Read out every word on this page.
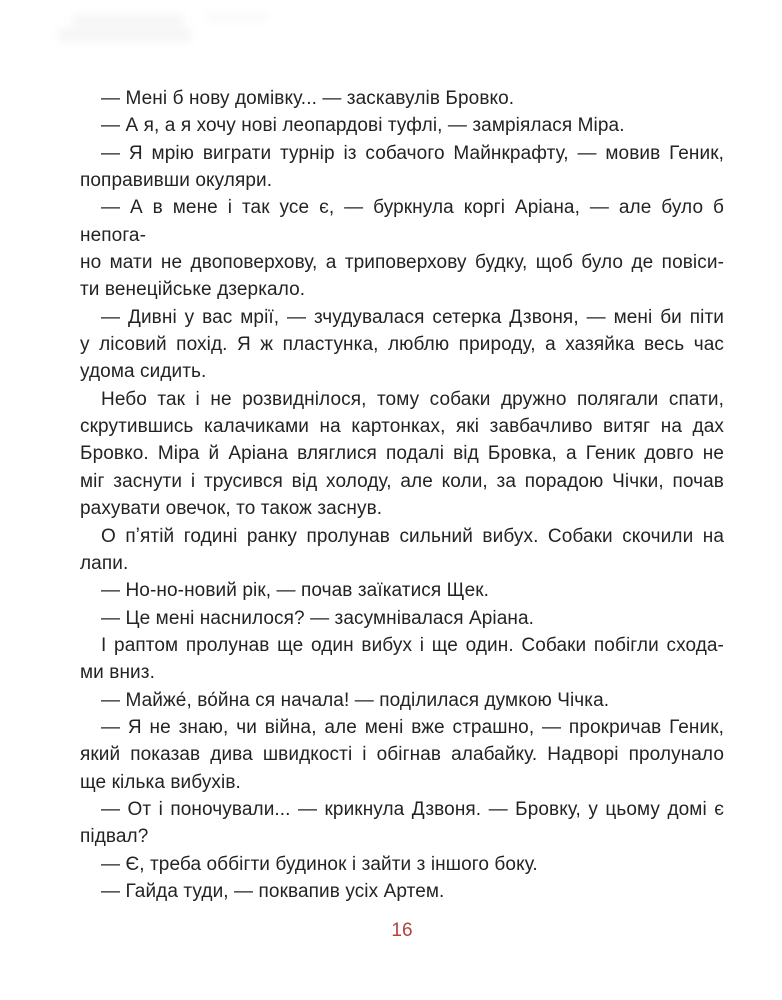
— Мені б нову домівку... — заскавулів Бровко.
— А я, а я хочу нові леопардові туфлі, — замріялася Міра.
— Я мрію виграти турнір із собачого Майнкрафту, — мовив Геник,
поправивши окуляри.
— А в мене і так усе є, — буркнула коргі Аріана, — але було б непога-
но мати не двоповерхову, а триповерхову будку, щоб було де повіси-
ти венеційське дзеркало.
— Дивні у вас мрії, — зчудувалася сетерка Дзвоня, — мені би піти
у лісовий похід. Я ж пластунка, люблю природу, а хазяйка весь час
удома сидить.
Небо так і не розвиднілося, тому собаки дружно полягали спати,
скрутившись калачиками на картонках, які завбачливо витяг на дах
Бровко. Міра й Аріана вляглися подалі від Бровка, а Геник довго не
міг заснути і трусився від холоду, але коли, за порадою Чічки, почав
рахувати овечок, то також заснув.
О пʼятій годині ранку пролунав сильний вибух. Собаки скочили на
лапи.
— Но-но-новий рік, — почав заїкатися Щек.
— Це мені наснилося? — засумнівалася Аріана.
І раптом пролунав ще один вибух і ще один. Собаки побігли схода-
ми вниз.
— Майже́, во́йна ся начала! — поділилася думкою Чічка.
— Я не знаю, чи війна, але мені вже страшно, — прокричав Геник,
який показав дива швидкості і обігнав алабайку. Надворі пролунало
ще кілька вибухів.
— От і поночували... — крикнула Дзвоня. — Бровку, у цьому домі є
підвал?
— Є, треба оббігти будинок і зайти з іншого боку.
— Гайда туди, — поквапив усіх Артем.
16
